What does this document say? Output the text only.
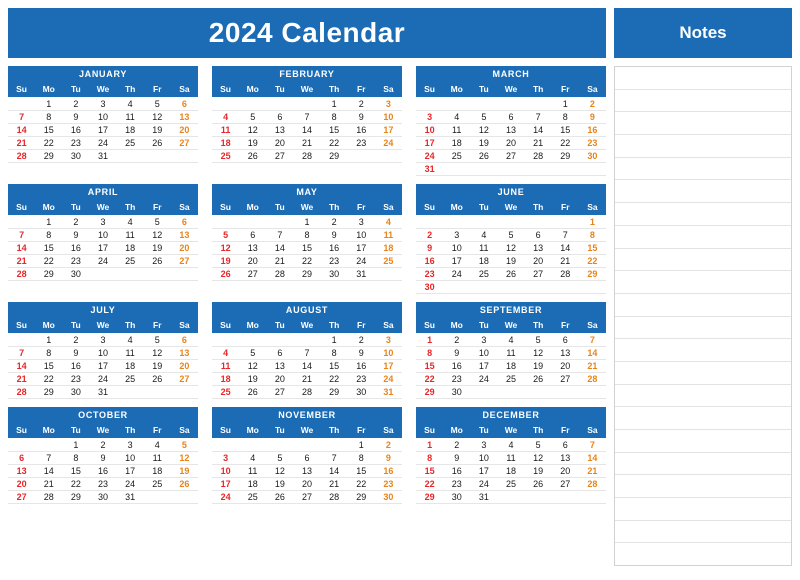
2024 Calendar
JANUARY
Su	Mo	Tu	We	Th	Fr	Sa
	1	2	3	4	5	6
7	8	9	10	11	12	13
14	15	16	17	18	19	20
21	22	23	24	25	26	27
28	29	30	31			
FEBRUARY
Su	Mo	Tu	We	Th	Fr	Sa
				1	2	3
4	5	6	7	8	9	10
11	12	13	14	15	16	17
18	19	20	21	22	23	24
25	26	27	28	29		
MARCH
Su	Mo	Tu	We	Th	Fr	Sa
					1	2
3	4	5	6	7	8	9
10	11	12	13	14	15	16
17	18	19	20	21	22	23
24	25	26	27	28	29	30
31						
APRIL
Su	Mo	Tu	We	Th	Fr	Sa
	1	2	3	4	5	6
7	8	9	10	11	12	13
14	15	16	17	18	19	20
21	22	23	24	25	26	27
28	29	30				
MAY
Su	Mo	Tu	We	Th	Fr	Sa
			1	2	3	4
5	6	7	8	9	10	11
12	13	14	15	16	17	18
19	20	21	22	23	24	25
26	27	28	29	30	31	
JUNE
Su	Mo	Tu	We	Th	Fr	Sa
						1
2	3	4	5	6	7	8
9	10	11	12	13	14	15
16	17	18	19	20	21	22
23	24	25	26	27	28	29
30						
JULY
Su	Mo	Tu	We	Th	Fr	Sa
	1	2	3	4	5	6
7	8	9	10	11	12	13
14	15	16	17	18	19	20
21	22	23	24	25	26	27
28	29	30	31			
AUGUST
Su	Mo	Tu	We	Th	Fr	Sa
				1	2	3
4	5	6	7	8	9	10
11	12	13	14	15	16	17
18	19	20	21	22	23	24
25	26	27	28	29	30	31
SEPTEMBER
Su	Mo	Tu	We	Th	Fr	Sa
1	2	3	4	5	6	7
8	9	10	11	12	13	14
15	16	17	18	19	20	21
22	23	24	25	26	27	28
29	30					
OCTOBER
Su	Mo	Tu	We	Th	Fr	Sa
		1	2	3	4	5
6	7	8	9	10	11	12
13	14	15	16	17	18	19
20	21	22	23	24	25	26
27	28	29	30	31		
NOVEMBER
Su	Mo	Tu	We	Th	Fr	Sa
					1	2
3	4	5	6	7	8	9
10	11	12	13	14	15	16
17	18	19	20	21	22	23
24	25	26	27	28	29	30
DECEMBER
Su	Mo	Tu	We	Th	Fr	Sa
1	2	3	4	5	6	7
8	9	10	11	12	13	14
15	16	17	18	19	20	21
22	23	24	25	26	27	28
29	30	31				
Notes
